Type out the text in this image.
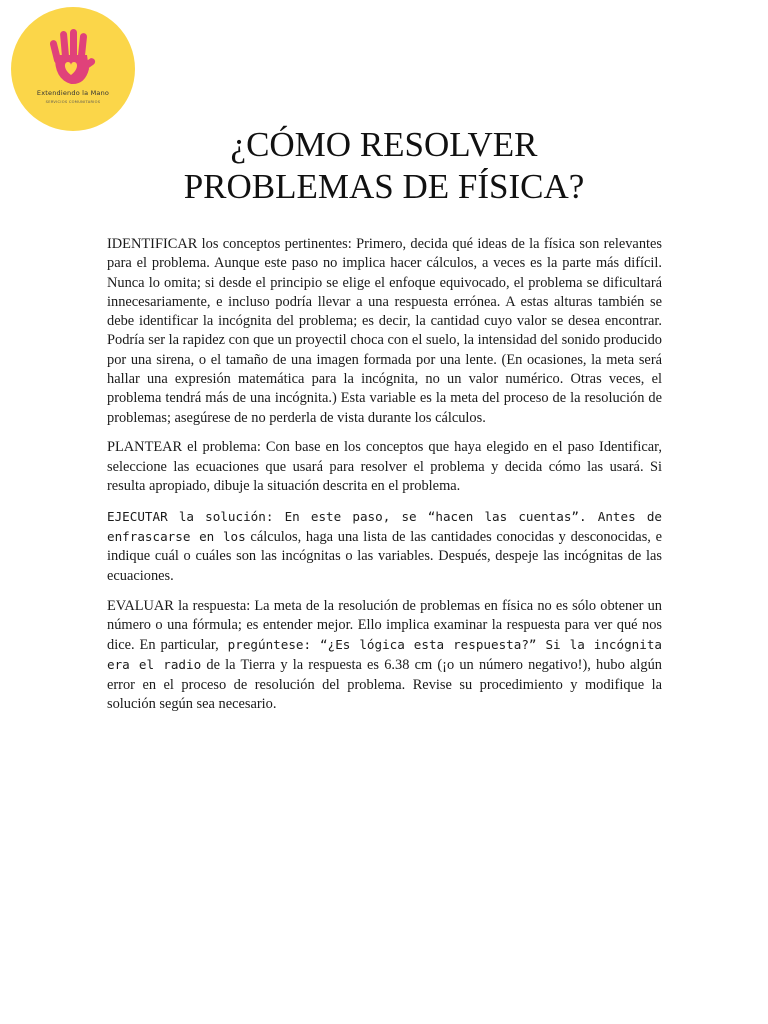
Extendiendo la Mano
SERVICIOS COMUNITARIOS
¿CÓMO RESOLVER
PROBLEMAS DE FÍSICA?

IDENTIFICAR los conceptos pertinentes: Primero, decida qué ideas de la física son relevantes para el problema. Aunque este paso no implica hacer cálculos, a veces es la parte más difícil. Nunca lo omita; si desde el principio se elige el enfoque equivocado, el problema se dificultará innecesariamente, e incluso podría llevar a una respuesta errónea. A estas alturas también se debe identificar la incógnita del problema; es decir, la cantidad cuyo valor se desea encontrar. Podría ser la rapidez con que un proyectil choca con el suelo, la intensidad del sonido producido por una sirena, o el tamaño de una imagen formada por una lente. (En ocasiones, la meta será hallar una expresión matemática para la incógnita, no un valor numérico. Otras veces, el problema tendrá más de una incógnita.) Esta variable es la meta del proceso de la resolución de problemas; asegúrese de no perderla de vista durante los cálculos.

PLANTEAR el problema: Con base en los conceptos que haya elegido en el paso Identificar, seleccione las ecuaciones que usará para resolver el problema y decida cómo las usará. Si resulta apropiado, dibuje la situación descrita en el problema.

EJECUTAR la solución: En este paso, se “hacen las cuentas”. Antes de enfrascarse en los cálculos, haga una lista de las cantidades conocidas y desconocidas, e indique cuál o cuáles son las incógnitas o las variables. Después, despeje las incógnitas de las ecuaciones.

EVALUAR la respuesta: La meta de la resolución de problemas en física no es sólo obtener un número o una fórmula; es entender mejor. Ello implica examinar la respuesta para ver qué nos dice. En particular, pregúntese: “¿Es lógica esta respuesta?” Si la incógnita era el radio de la Tierra y la respuesta es 6.38 cm (¡o un número negativo!), hubo algún error en el proceso de resolución del problema. Revise su procedimiento y modifique la solución según sea necesario.
